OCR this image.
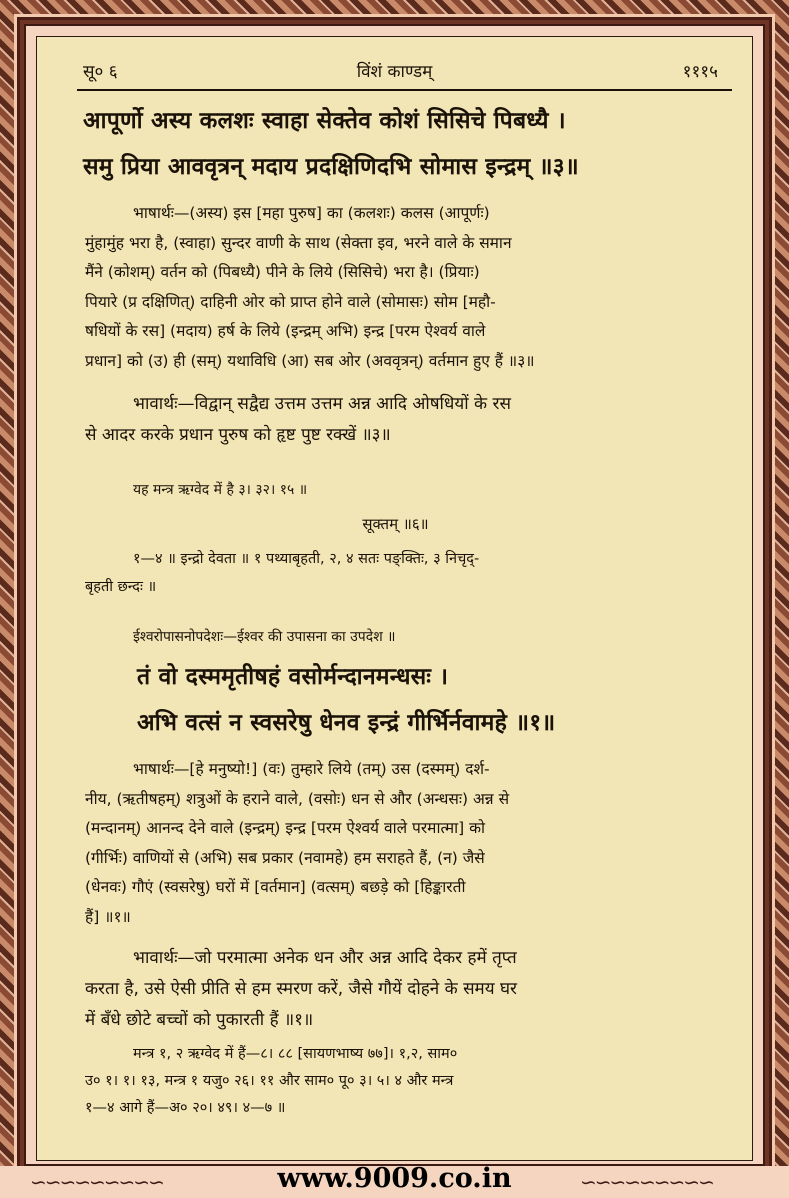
सू० ६	विंशं काण्डम्	१११५
आपूर्णो अस्य कलशः स्वाहा सेक्तेव कोशं सिसिचे पिबध्यै ।
समु प्रिया आववृत्रन् मदाय प्रदक्षिणिदभि सोमास इन्द्रम् ॥३॥
भाषार्थः—(अस्य) इस [महा पुरुष] का (कलशः) कलस (आपूर्णः)
मुंहामुंह भरा है, (स्वाहा) सुन्दर वाणी के साथ (सेक्ता इव, भरने वाले के समान
मैंने (कोशम्) वर्तन को (पिबध्यै) पीने के लिये (सिसिचे) भरा है। (प्रियाः)
पियारे (प्र दक्षिणित्) दाहिनी ओर को प्राप्त होने वाले (सोमासः) सोम [महौ-
षधियों के रस] (मदाय) हर्ष के लिये (इन्द्रम् अभि) इन्द्र [परम ऐश्वर्य वाले
प्रधान] को (उ) ही (सम्) यथाविधि (आ) सब ओर (अववृत्रन्) वर्तमान हुए हैं ॥३॥
भावार्थः—विद्वान् सद्वैद्य उत्तम उत्तम अन्न आदि ओषधियों के रस
से आदर करके प्रधान पुरुष को हृष्ट पुष्ट रक्खें ॥३॥
यह मन्त्र ऋग्वेद में है ३। ३२। १५ ॥
सूक्तम् ॥६॥
१—४ ॥ इन्द्रो देवता ॥ १ पथ्याबृहती, २, ४ सतः पङ्क्तिः, ३ निचृद्-
बृहती छन्दः ॥
ईश्वरोपासनोपदेशः—ईश्वर की उपासना का उपदेश ॥
तं वो दस्ममृतीषहं वसोर्मन्दानमन्धसः ।
अभि वत्सं न स्वसरेषु धेनव इन्द्रं गीर्भिर्नवामहे ॥१॥
भाषार्थः—[हे मनुष्यो!] (वः) तुम्हारे लिये (तम्) उस (दस्मम्) दर्श-
नीय, (ऋतीषहम्) शत्रुओं के हराने वाले, (वसोः) धन से और (अन्धसः) अन्न से
(मन्दानम्) आनन्द देने वाले (इन्द्रम्) इन्द्र [परम ऐश्वर्य वाले परमात्मा] को
(गीर्भिः) वाणियों से (अभि) सब प्रकार (नवामहे) हम सराहते हैं, (न) जैसे
(धेनवः) गौएं (स्वसरेषु) घरों में [वर्तमान] (वत्सम्) बछड़े को [हिङ्कारती
हैं] ॥१॥
भावार्थः—जो परमात्मा अनेक धन और अन्न आदि देकर हमें तृप्त
करता है, उसे ऐसी प्रीति से हम स्मरण करें, जैसे गौयें दोहने के समय घर
में बँधे छोटे बच्चों को पुकारती हैं ॥१॥
मन्त्र १, २ ऋग्वेद में हैं—८। ८८ [सायणभाष्य ७७]। १,२, साम०
उ० १। १। १३, मन्त्र १ यजु० २६। ११ और साम० पू० ३। ५। ४ और मन्त्र
१—४ आगे हैं—अ० २०। ४९। ४—७ ॥
∽∽∽∽∽∽∽∽∽	∽∽∽∽∽∽∽∽∽
www.9009.co.in
